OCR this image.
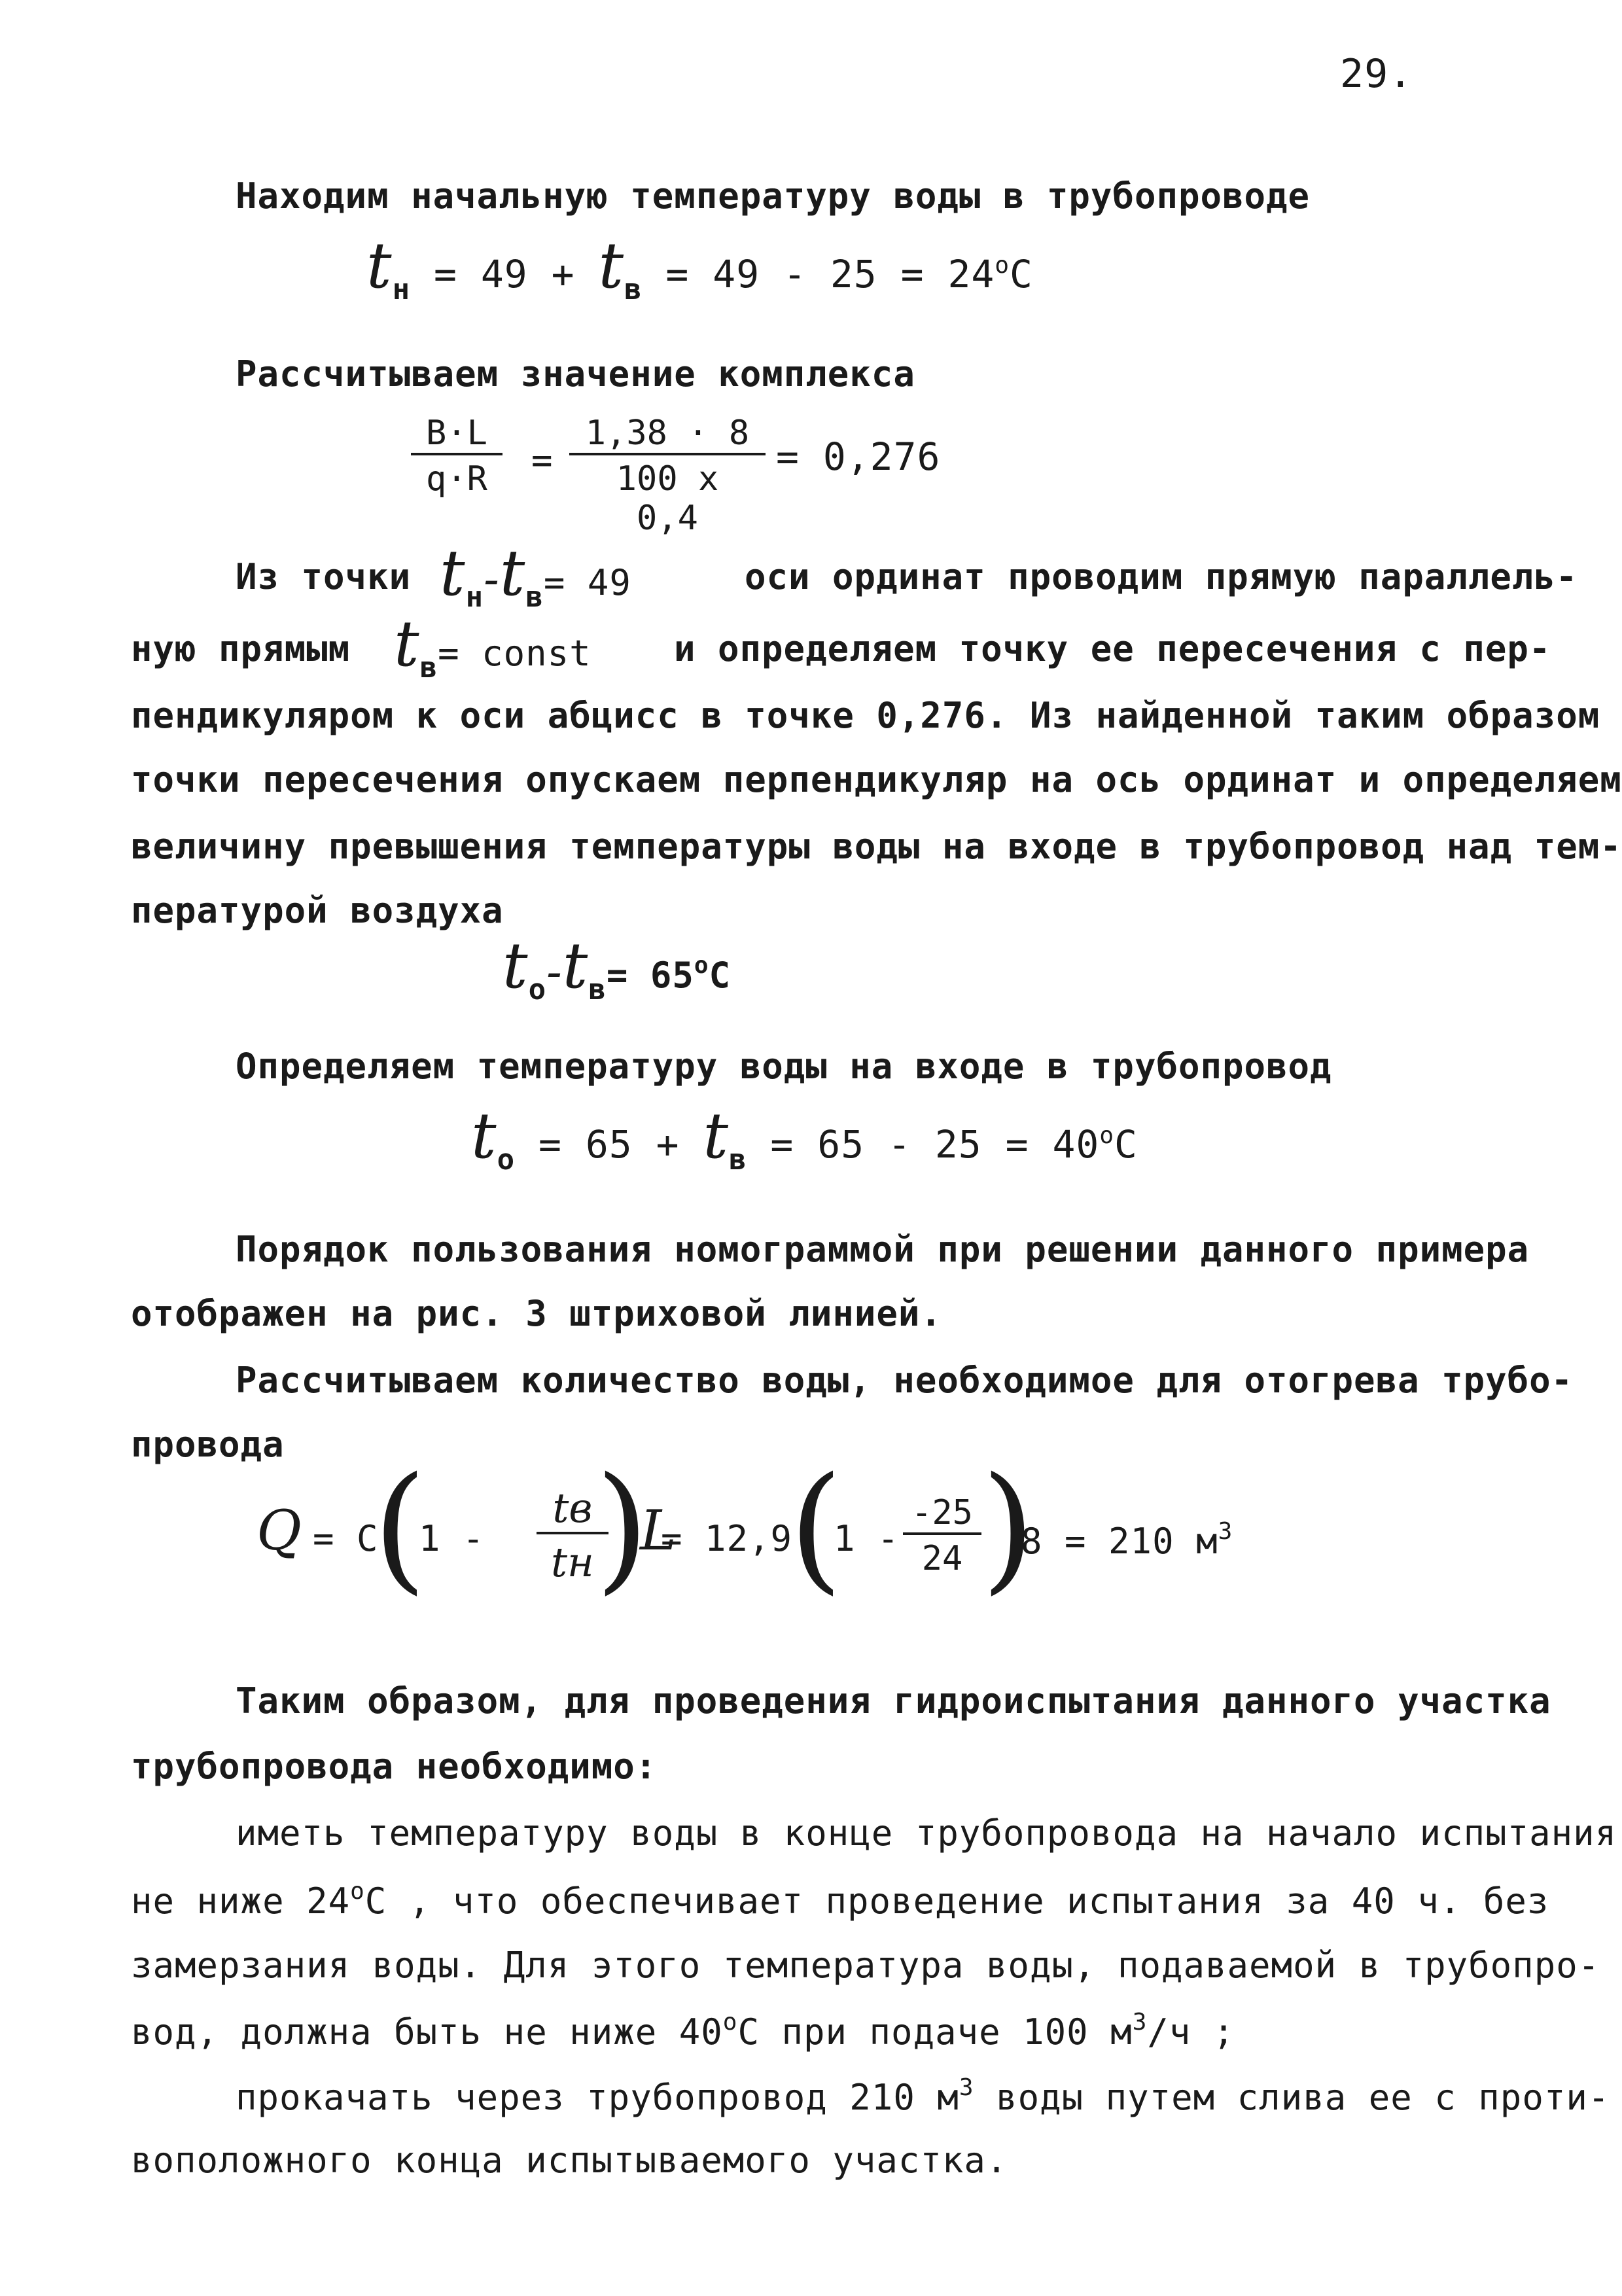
29.
Находим начальную температуру воды в трубопроводе
$t_н = 49 + t_в = 49 - 25 = 24^oC$
Рассчитываем значение комплекса
$\frac{B\cdot L}{q\cdot R} = \frac{1,38 \cdot 8}{100 x 0,4} = 0,276$
Из точки $t_н-t_в= 49$	оси ординат проводим прямую параллель-
ную прямым $t_в=$ const и определяем точку ее пересечения с пер-
пендикуляром к оси абцисс в точке 0,276. Из найденной таким образом
точки пересечения опускаем перпендикуляр на ось ординат и определяем
величину превышения температуры воды на входе в трубопровод над тем-
пературой воздуха
$t_о-t_в= 65^oC$
Определяем температуру воды на входе в трубопровод
$t_о = 65 + t_в = 65 - 25 = 40^oC$
Порядок пользования номограммой при решении данного примера
отображен на рис. 3 штриховой линией.
Рассчитываем количество воды, необходимое для отогрева трубо-
провода
Q = C
(
1 -
tв
tн )
L
= 12,9
(
$1 - \frac{-25}{24}$ )
8 = 210 $м^3$
Таким образом, для проведения гидроиспытания данного участка
трубопровода необходимо:
иметь температуру воды в конце трубопровода на начало испытания
не ниже 24$^o$C , что обеспечивает проведение испытания за 40 ч. без
замерзания воды. Для этого температура воды, подаваемой в трубопро-
вод, должна быть не ниже 40$^o$C при подаче 100 $м^3/ч$ ;
прокачать через трубопровод 210 $м^3$ воды путем слива ее с проти-
воположного конца испытываемого участка.
